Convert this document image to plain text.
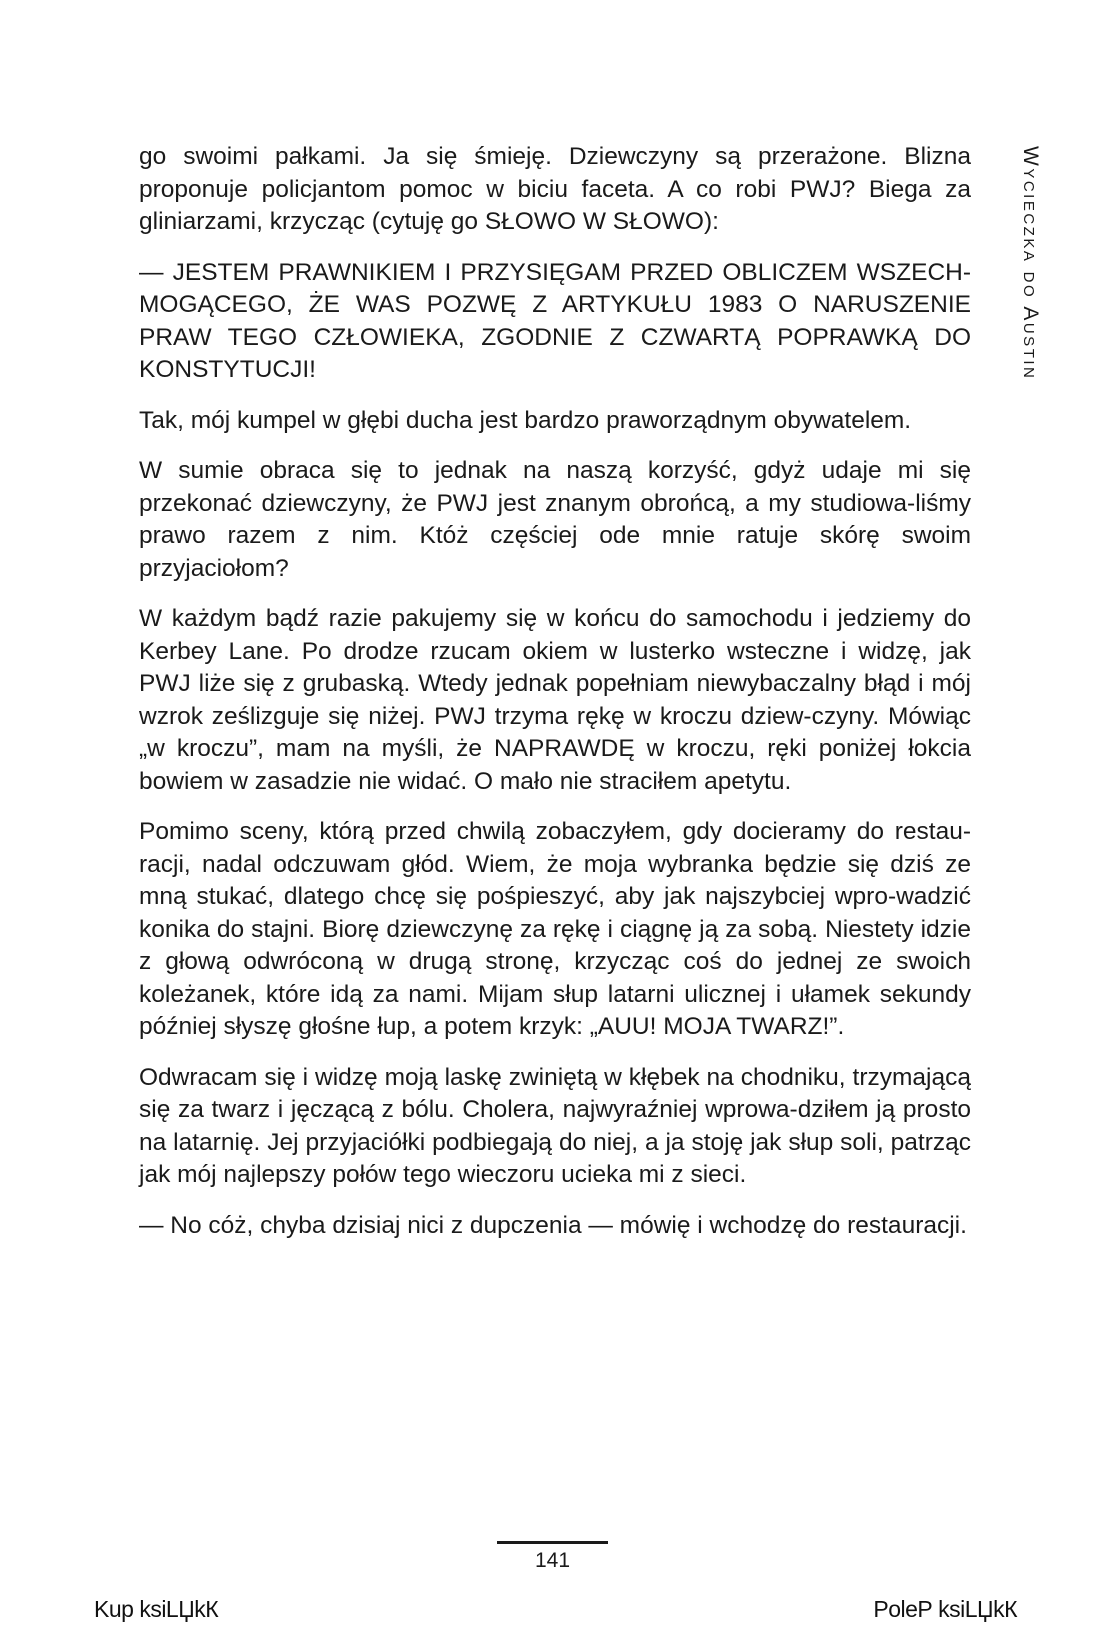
Wycieczka do Austin

go swoimi pałkami. Ja się śmieję. Dziewczyny są przerażone. Blizna proponuje policjantom pomoc w biciu faceta. A co robi PWJ? Biega za gliniarzami, krzycząc (cytuję go SŁOWO W SŁOWO):

— JESTEM PRAWNIKIEM I PRZYSIĘGAM PRZED OBLICZEM WSZECH-MOGĄCEGO, ŻE WAS POZWĘ Z ARTYKUŁU 1983 O NARUSZENIE PRAW TEGO CZŁOWIEKA, ZGODNIE Z CZWARTĄ POPRAWKĄ DO KONSTYTUCJI!

Tak, mój kumpel w głębi ducha jest bardzo praworządnym obywatelem.

W sumie obraca się to jednak na naszą korzyść, gdyż udaje mi się przekonać dziewczyny, że PWJ jest znanym obrońcą, a my studiowa-liśmy prawo razem z nim. Któż częściej ode mnie ratuje skórę swoim przyjaciołom?

W każdym bądź razie pakujemy się w końcu do samochodu i jedziemy do Kerbey Lane. Po drodze rzucam okiem w lusterko wsteczne i widzę, jak PWJ liże się z grubaską. Wtedy jednak popełniam niewybaczalny błąd i mój wzrok ześlizguje się niżej. PWJ trzyma rękę w kroczu dziew-czyny. Mówiąc „w kroczu”, mam na myśli, że NAPRAWDĘ w kroczu, ręki poniżej łokcia bowiem w zasadzie nie widać. O mało nie straciłem apetytu.

Pomimo sceny, którą przed chwilą zobaczyłem, gdy docieramy do restau-racji, nadal odczuwam głód. Wiem, że moja wybranka będzie się dziś ze mną stukać, dlatego chcę się pośpieszyć, aby jak najszybciej wpro-wadzić konika do stajni. Biorę dziewczynę za rękę i ciągnę ją za sobą. Niestety idzie z głową odwróconą w drugą stronę, krzycząc coś do jednej ze swoich koleżanek, które idą za nami. Mijam słup latarni ulicznej i ułamek sekundy później słyszę głośne łup, a potem krzyk: „AUU! MOJA TWARZ!”.

Odwracam się i widzę moją laskę zwiniętą w kłębek na chodniku, trzymającą się za twarz i jęczącą z bólu. Cholera, najwyraźniej wprowa-dziłem ją prosto na latarnię. Jej przyjaciółki podbiegają do niej, a ja stoję jak słup soli, patrząc jak mój najlepszy połów tego wieczoru ucieka mi z sieci.

— No cóż, chyba dzisiaj nici z dupczenia — mówię i wchodzę do restauracji.

141
Kup ksiLЏkК	PoleР ksiLЏkК
